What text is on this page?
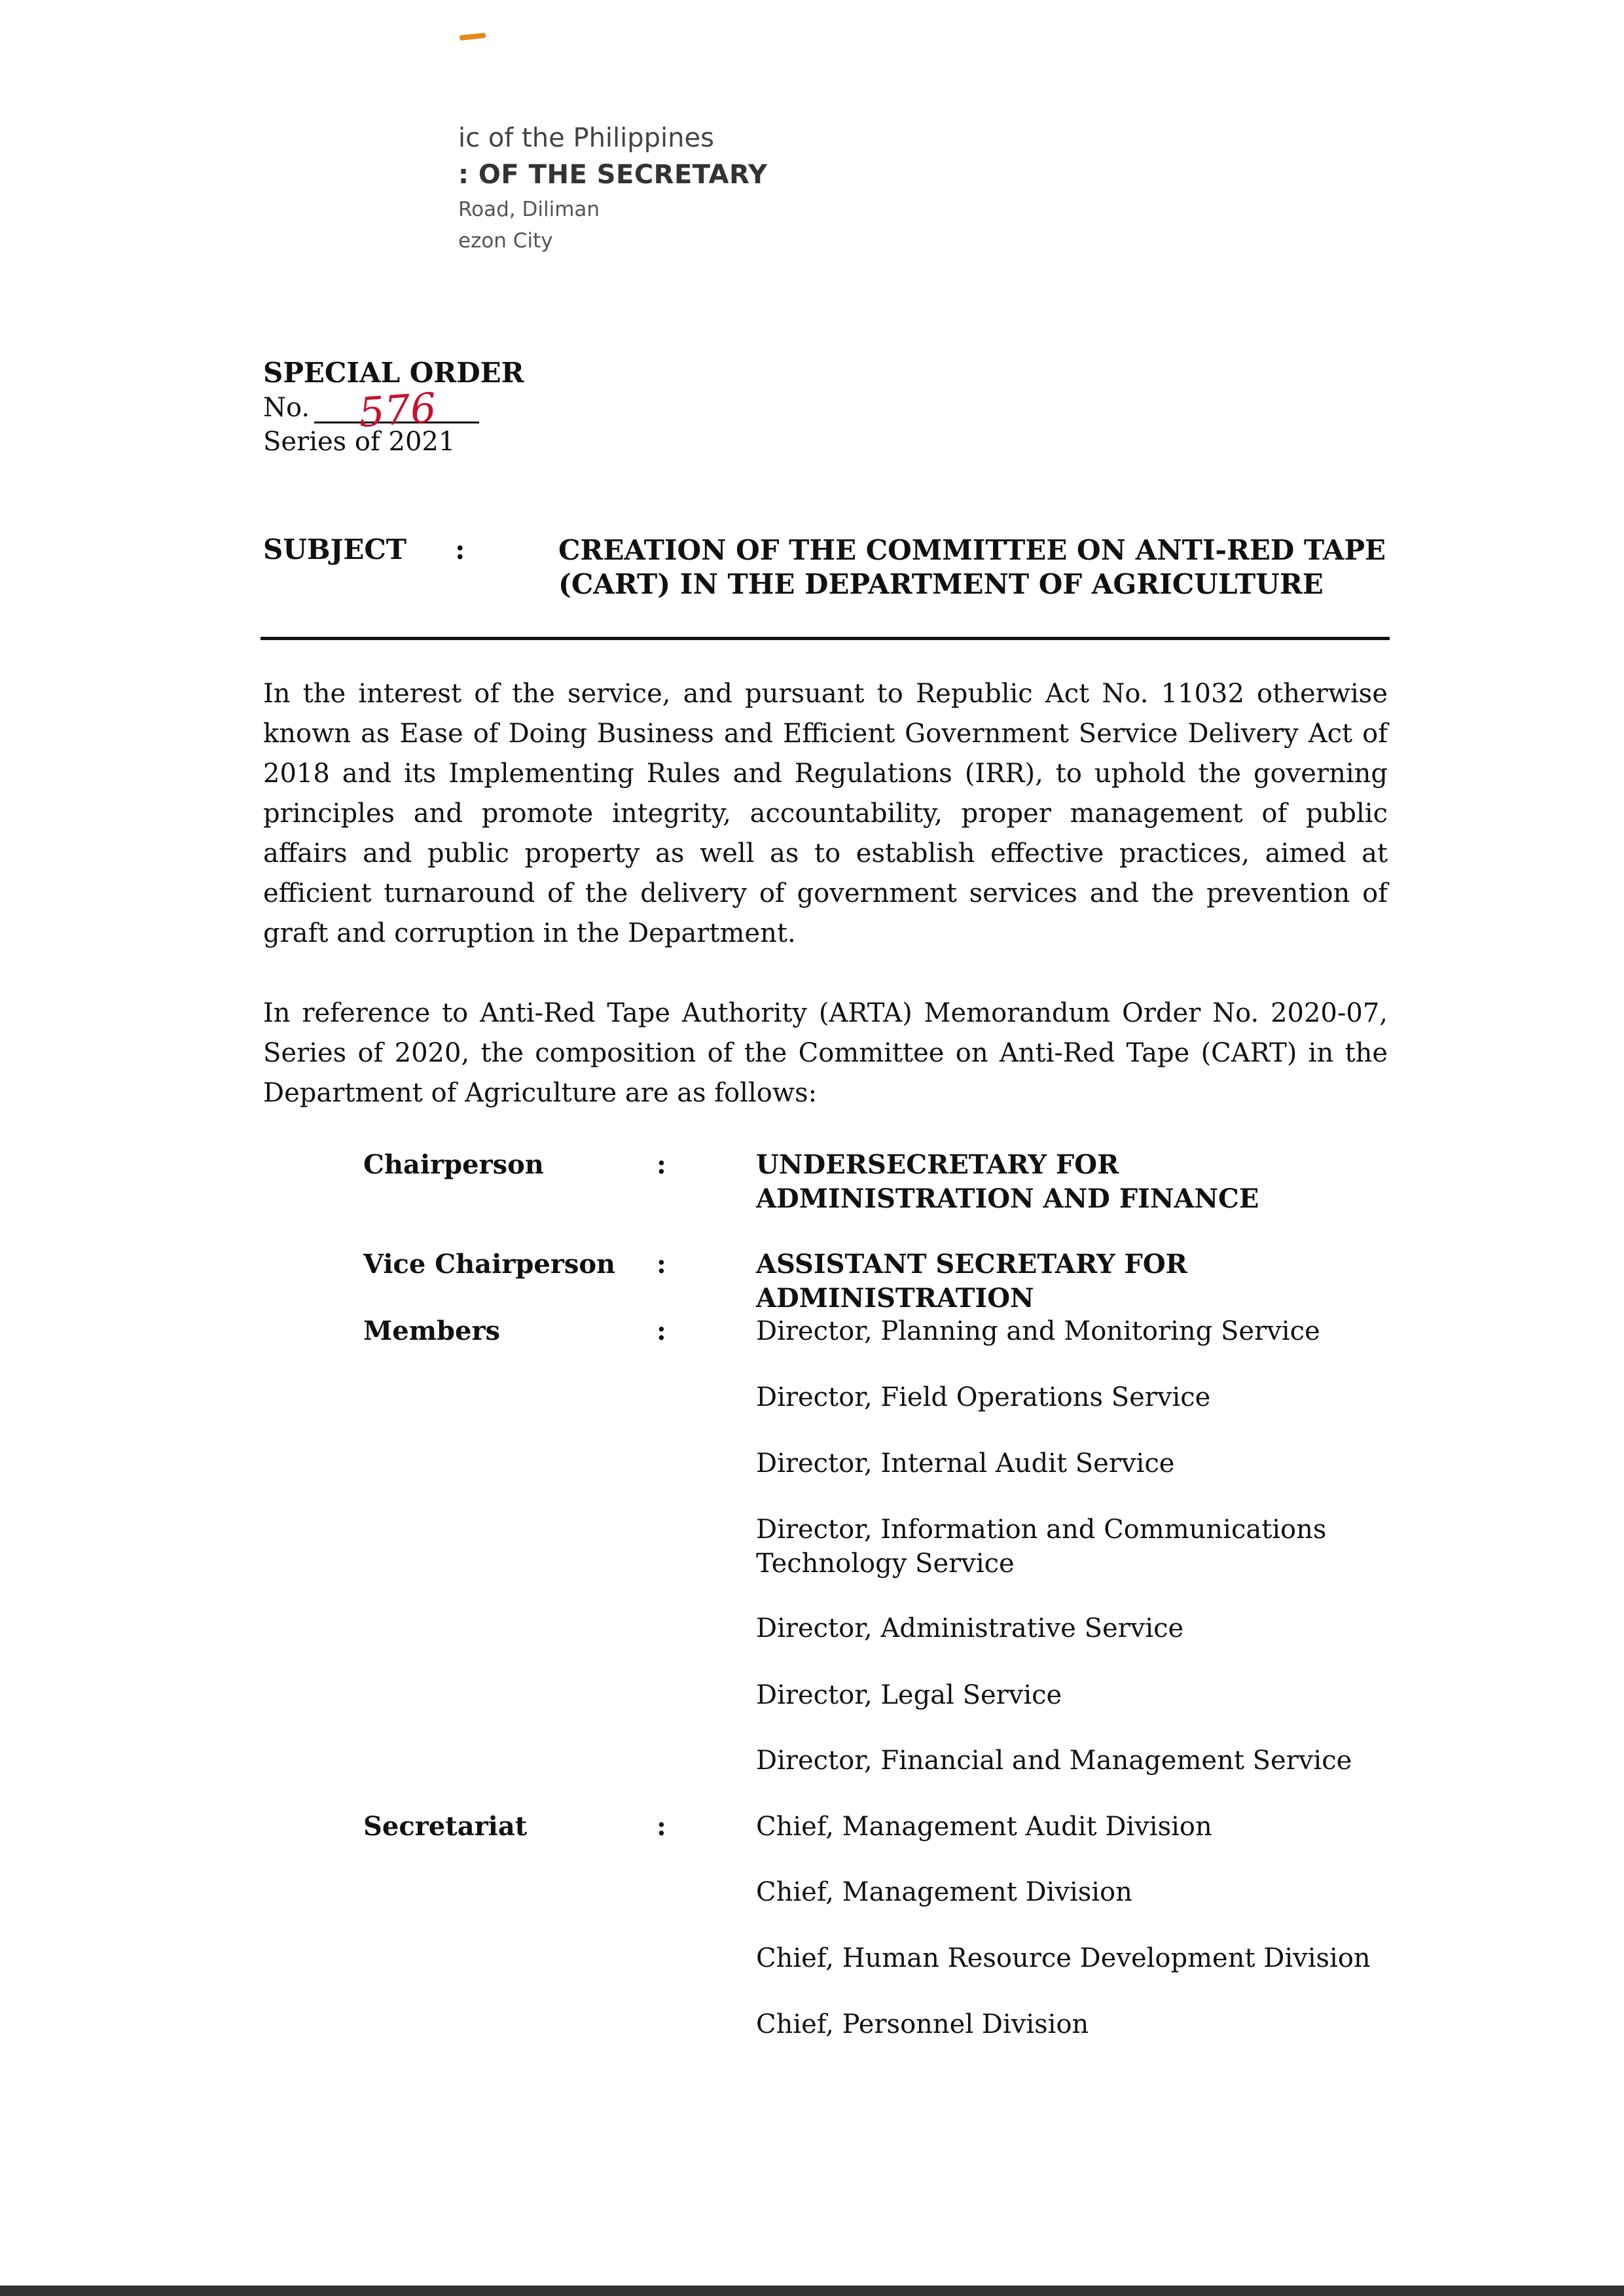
ic of the Philippines
: OF THE SECRETARY
Road, Diliman
ezon City
SPECIAL ORDER
No. 576
Series of 2021
SUBJECT :	CREATION OF THE COMMITTEE ON ANTI-RED TAPE (CART) IN THE DEPARTMENT OF AGRICULTURE
In the interest of the service, and pursuant to Republic Act No. 11032 otherwise known as Ease of Doing Business and Efficient Government Service Delivery Act of 2018 and its Implementing Rules and Regulations (IRR), to uphold the governing principles and promote integrity, accountability, proper management of public affairs and public property as well as to establish effective practices, aimed at efficient turnaround of the delivery of government services and the prevention of graft and corruption in the Department.
In reference to Anti-Red Tape Authority (ARTA) Memorandum Order No. 2020-07, Series of 2020, the composition of the Committee on Anti-Red Tape (CART) in the Department of Agriculture are as follows:
Chairperson	:	UNDERSECRETARY FOR ADMINISTRATION AND FINANCE
Vice Chairperson :	ASSISTANT SECRETARY FOR ADMINISTRATION
Members	:	Director, Planning and Monitoring Service
Director, Field Operations Service
Director, Internal Audit Service
Director, Information and Communications Technology Service
Director, Administrative Service
Director, Legal Service
Director, Financial and Management Service
Secretariat	:	Chief, Management Audit Division
Chief, Management Division
Chief, Human Resource Development Division
Chief, Personnel Division
